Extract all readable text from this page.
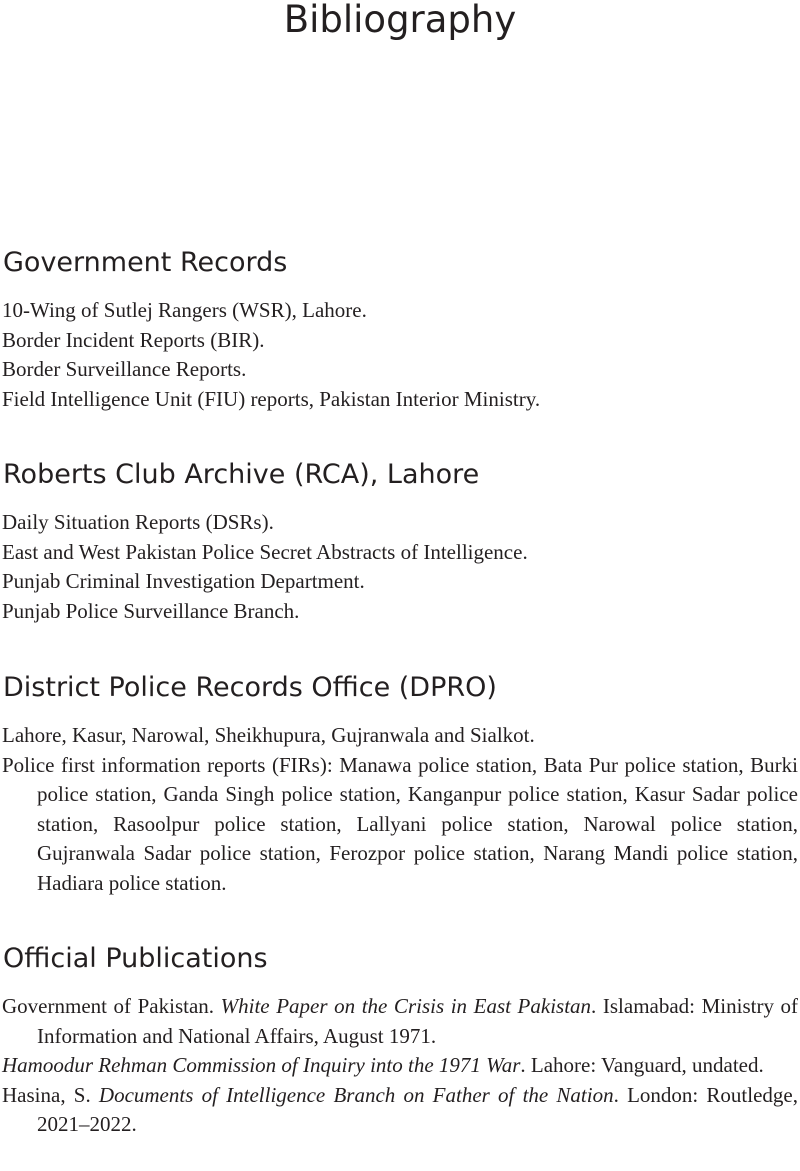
Bibliography
Government Records
10-Wing of Sutlej Rangers (WSR), Lahore.
Border Incident Reports (BIR).
Border Surveillance Reports.
Field Intelligence Unit (FIU) reports, Pakistan Interior Ministry.
Roberts Club Archive (RCA), Lahore
Daily Situation Reports (DSRs).
East and West Pakistan Police Secret Abstracts of Intelligence.
Punjab Criminal Investigation Department.
Punjab Police Surveillance Branch.
District Police Records Office (DPRO)
Lahore, Kasur, Narowal, Sheikhupura, Gujranwala and Sialkot.
Police first information reports (FIRs): Manawa police station, Bata Pur police station, Burki police station, Ganda Singh police station, Kanganpur police station, Kasur Sadar police station, Rasoolpur police station, Lallyani police station, Narowal police station, Gujranwala Sadar police station, Ferozpor police station, Narang Mandi police station, Hadiara police station.
Official Publications
Government of Pakistan. White Paper on the Crisis in East Pakistan. Islamabad: Ministry of Information and National Affairs, August 1971.
Hamoodur Rehman Commission of Inquiry into the 1971 War. Lahore: Vanguard, undated.
Hasina, S. Documents of Intelligence Branch on Father of the Nation. London: Routledge, 2021–2022.
